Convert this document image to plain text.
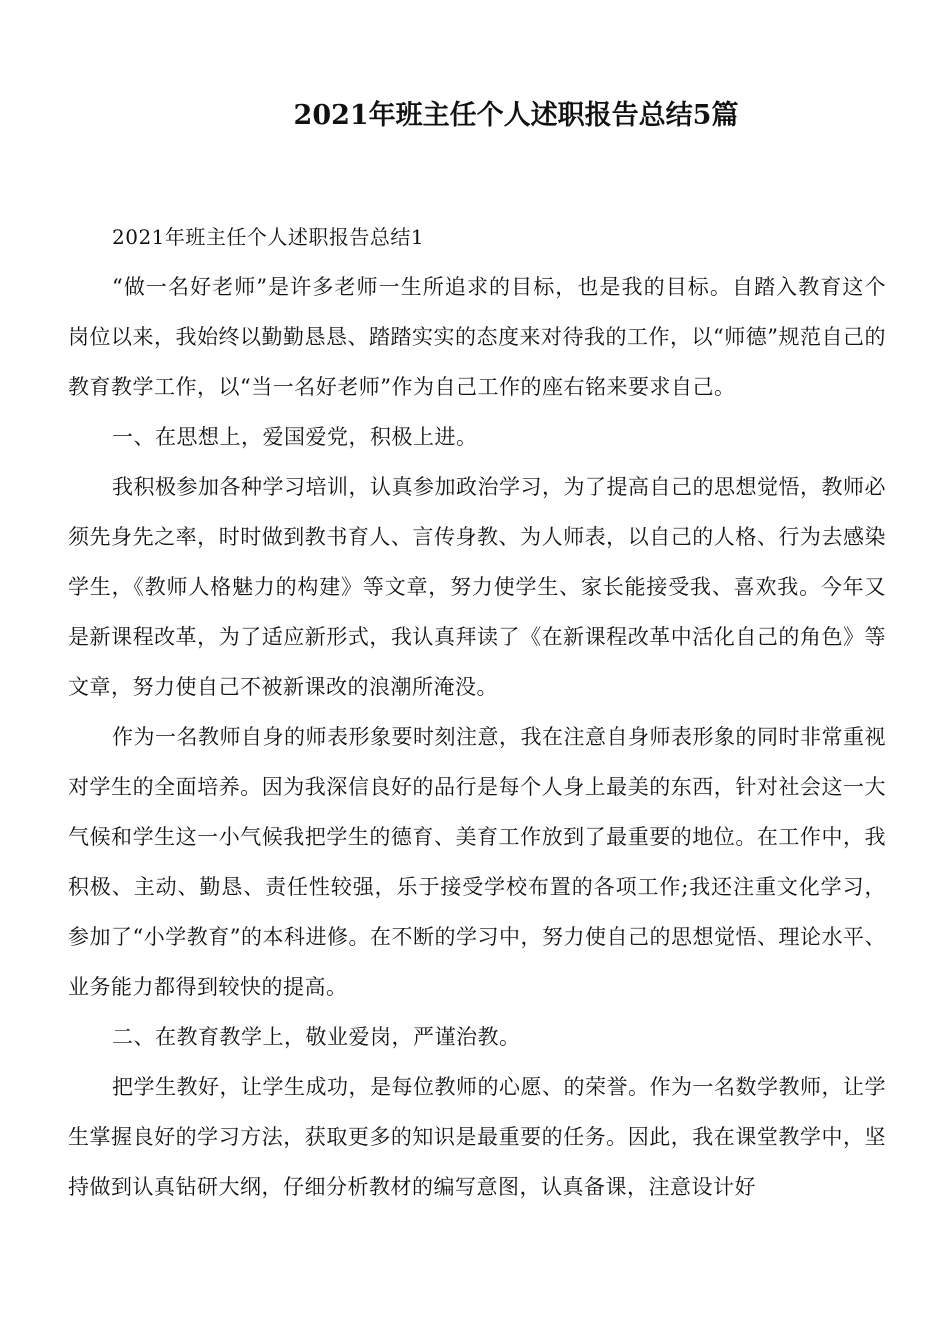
2021年班主任个人述职报告总结5篇

2021年班主任个人述职报告总结1

“做一名好老师”是许多老师一生所追求的目标，也是我的目标。自踏入教育这个岗位以来，我始终以勤勤恳恳、踏踏实实的态度来对待我的工作，以“师德”规范自己的教育教学工作，以“当一名好老师”作为自己工作的座右铭来要求自己。

一、在思想上，爱国爱党，积极上进。

我积极参加各种学习培训，认真参加政治学习，为了提高自己的思想觉悟，教师必须先身先之率，时时做到教书育人、言传身教、为人师表，以自己的人格、行为去感染学生，《教师人格魅力的构建》等文章，努力使学生、家长能接受我、喜欢我。今年又是新课程改革，为了适应新形式，我认真拜读了《在新课程改革中活化自己的角色》等文章，努力使自己不被新课改的浪潮所淹没。

作为一名教师自身的师表形象要时刻注意，我在注意自身师表形象的同时非常重视对学生的全面培养。因为我深信良好的品行是每个人身上最美的东西，针对社会这一大气候和学生这一小气候我把学生的德育、美育工作放到了最重要的地位。在工作中，我积极、主动、勤恳、责任性较强，乐于接受学校布置的各项工作;我还注重文化学习，参加了“小学教育”的本科进修。在不断的学习中，努力使自己的思想觉悟、理论水平、业务能力都得到较快的提高。

二、在教育教学上，敬业爱岗，严谨治教。

把学生教好，让学生成功，是每位教师的心愿、的荣誉。作为一名数学教师，让学生掌握良好的学习方法，获取更多的知识是最重要的任务。因此，我在课堂教学中，坚持做到认真钻研大纲，仔细分析教材的编写意图，认真备课，注意设计好
